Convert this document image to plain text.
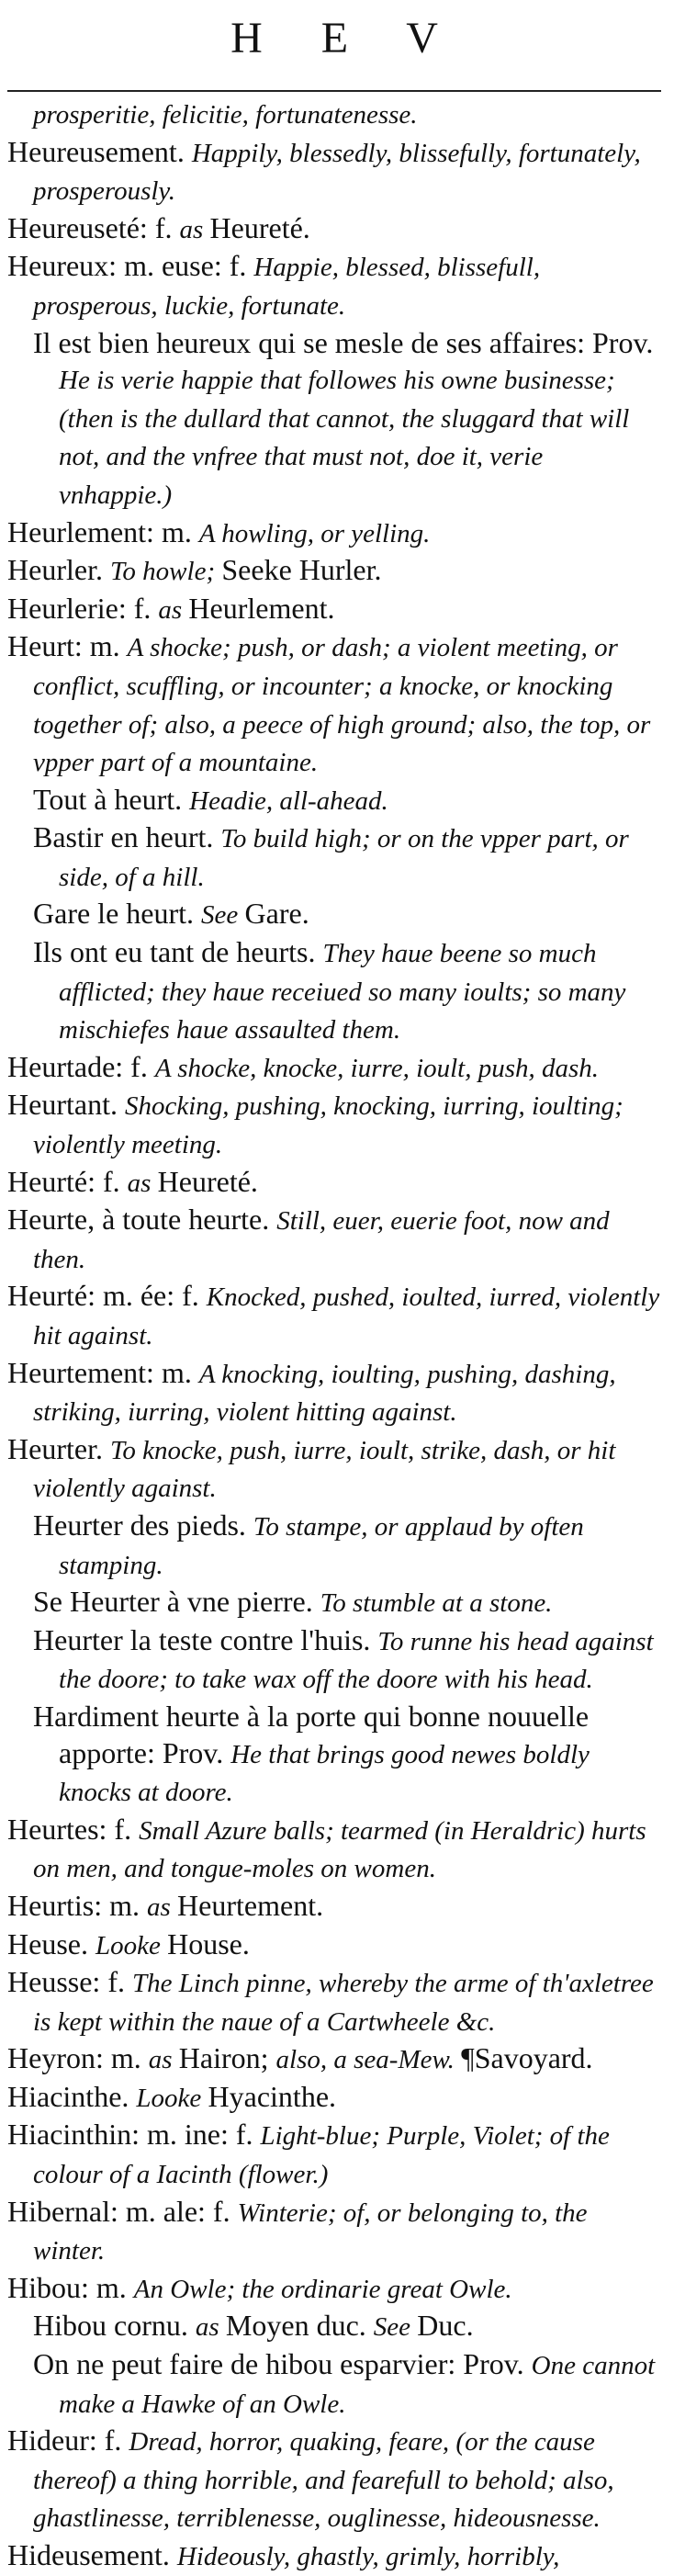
H E V

prosperitie, felicitie, fortunatenesse.

Heureusement. Happily, blessedly, blissefully, fortunately, prosperously.

Heureuseté: f. as Heureté.

Heureux: m. euse: f. Happie, blessed, blissefull, prosperous, luckie, fortunate.

Il est bien heureux qui se mesle de ses affaires: Prov. He is verie happie that followes his owne businesse; (then is the dullard that cannot, the sluggard that will not, and the vnfree that must not, doe it, verie vnhappie.)

Heurlement: m. A howling, or yelling.

Heurler. To howle; Seeke Hurler.

Heurlerie: f. as Heurlement.

Heurt: m. A shocke; push, or dash; a violent meeting, or conflict, scuffling, or incounter; a knocke, or knocking together of; also, a peece of high ground; also, the top, or vpper part of a mountaine.

Tout à heurt. Headie, all-ahead.

Bastir en heurt. To build high; or on the vpper part, or side, of a hill.

Gare le heurt. See Gare.

Ils ont eu tant de heurts. They haue beene so much afflicted; they haue receiued so many ioults; so many mischiefes haue assaulted them.

Heurtade: f. A shocke, knocke, iurre, ioult, push, dash.

Heurtant. Shocking, pushing, knocking, iurring, ioulting; violently meeting.

Heurté: f. as Heureté.

Heurte, à toute heurte. Still, euer, euerie foot, now and then.

Heurté: m. ée: f. Knocked, pushed, ioulted, iurred, violently hit against.

Heurtement: m. A knocking, ioulting, pushing, dashing, striking, iurring, violent hitting against.

Heurter. To knocke, push, iurre, ioult, strike, dash, or hit violently against.

Heurter des pieds. To stampe, or applaud by often stamping.

Se Heurter à vne pierre. To stumble at a stone.

Heurter la teste contre l'huis. To runne his head against the doore; to take wax off the doore with his head.

Hardiment heurte à la porte qui bonne nouuelle apporte: Prov. He that brings good newes boldly knocks at doore.

Heurtes: f. Small Azure balls; tearmed (in Heraldric) hurts on men, and tongue-moles on women.

Heurtis: m. as Heurtement.

Heuse. Looke House.

Heusse: f. The Linch pinne, whereby the arme of th'axletree is kept within the naue of a Cartwheele &c.

Heyron: m. as Hairon; also, a sea-Mew. ¶Savoyard.

Hiacinthe. Looke Hyacinthe.

Hiacinthin: m. ine: f. Light-blue; Purple, Violet; of the colour of a Iacinth (flower.)

Hibernal: m. ale: f. Winterie; of, or belonging to, the winter.

Hibou: m. An Owle; the ordinarie great Owle.

Hibou cornu. as Moyen duc. See Duc.

On ne peut faire de hibou esparvier: Prov. One cannot make a Hawke of an Owle.

Hideur: f. Dread, horror, quaking, feare, (or the cause thereof) a thing horrible, and fearefull to behold; also, ghastlinesse, terriblenesse, ouglinesse, hideousnesse.

Hideusement. Hideously, ghastly, grimly, horribly,
